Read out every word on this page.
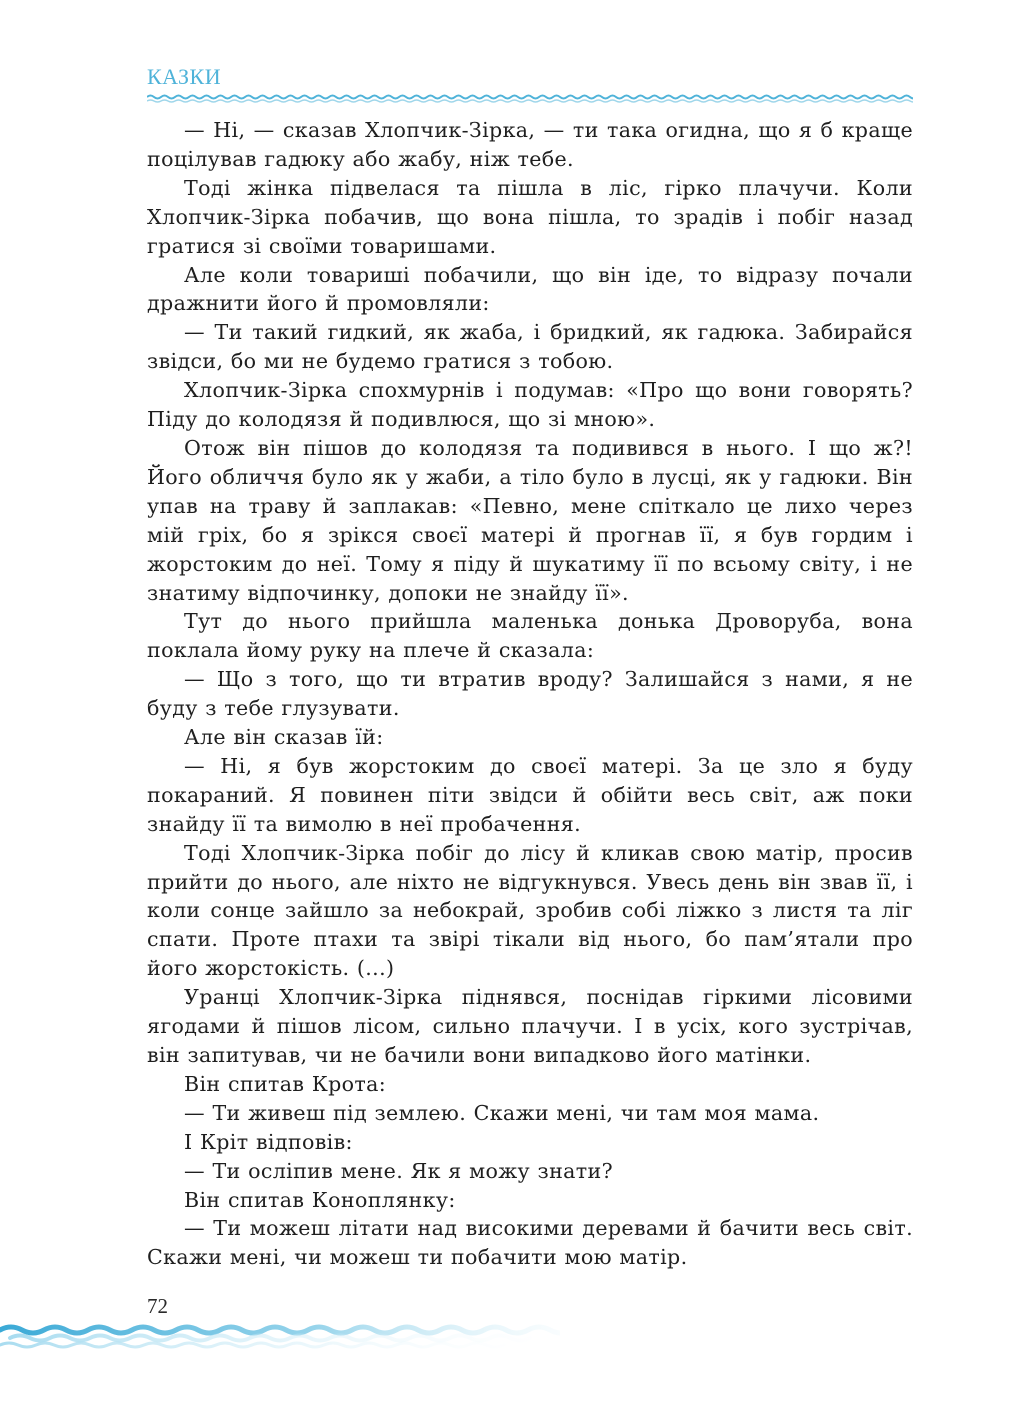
КАЗКИ

— Ні, — сказав Хлопчик-Зірка, — ти така огидна, що я б краще поцілував гадюку або жабу, ніж тебе.

Тоді жінка підвелася та пішла в ліс, гірко плачучи. Коли Хлопчик-Зірка побачив, що вона пішла, то зрадів і побіг назад гратися зі своїми товаришами.

Але коли товариші побачили, що він іде, то відразу почали дражнити його й промовляли:

— Ти такий гидкий, як жаба, і бридкий, як гадюка. Забирайся звідси, бо ми не будемо гратися з тобою.

Хлопчик-Зірка спохмурнів і подумав: «Про що вони говорять? Піду до колодязя й подивлюся, що зі мною».

Отож він пішов до колодязя та подивився в нього. І що ж?! Його обличчя було як у жаби, а тіло було в лусці, як у гадюки. Він упав на траву й заплакав: «Певно, мене спіткало це лихо через мій гріх, бо я зрікся своєї матері й прогнав її, я був гордим і жорстоким до неї. Тому я піду й шукатиму її по всьому світу, і не знатиму відпочинку, допоки не знайду її».

Тут до нього прийшла маленька донька Дроворуба, вона поклала йому руку на плече й сказала:

— Що з того, що ти втратив вроду? Залишайся з нами, я не буду з тебе глузувати.

Але він сказав їй:

— Ні, я був жорстоким до своєї матері. За це зло я буду покараний. Я повинен піти звідси й обійти весь світ, аж поки знайду її та вимолю в неї пробачення.

Тоді Хлопчик-Зірка побіг до лісу й кликав свою матір, просив прийти до нього, але ніхто не відгукнувся. Увесь день він звав її, і коли сонце зайшло за небокрай, зробив собі ліжко з листя та ліг спати. Проте птахи та звірі тікали від нього, бо пам’ятали про його жорстокість. (...)

Уранці Хлопчик-Зірка піднявся, поснідав гіркими лісовими ягодами й пішов лісом, сильно плачучи. І в усіх, кого зустрічав, він запитував, чи не бачили вони випадково його матінки.

Він спитав Крота:

— Ти живеш під землею. Скажи мені, чи там моя мама.

І Кріт відповів:

— Ти осліпив мене. Як я можу знати?

Він спитав Коноплянку:

— Ти можеш літати над високими деревами й бачити весь світ. Скажи мені, чи можеш ти побачити мою матір.

72
